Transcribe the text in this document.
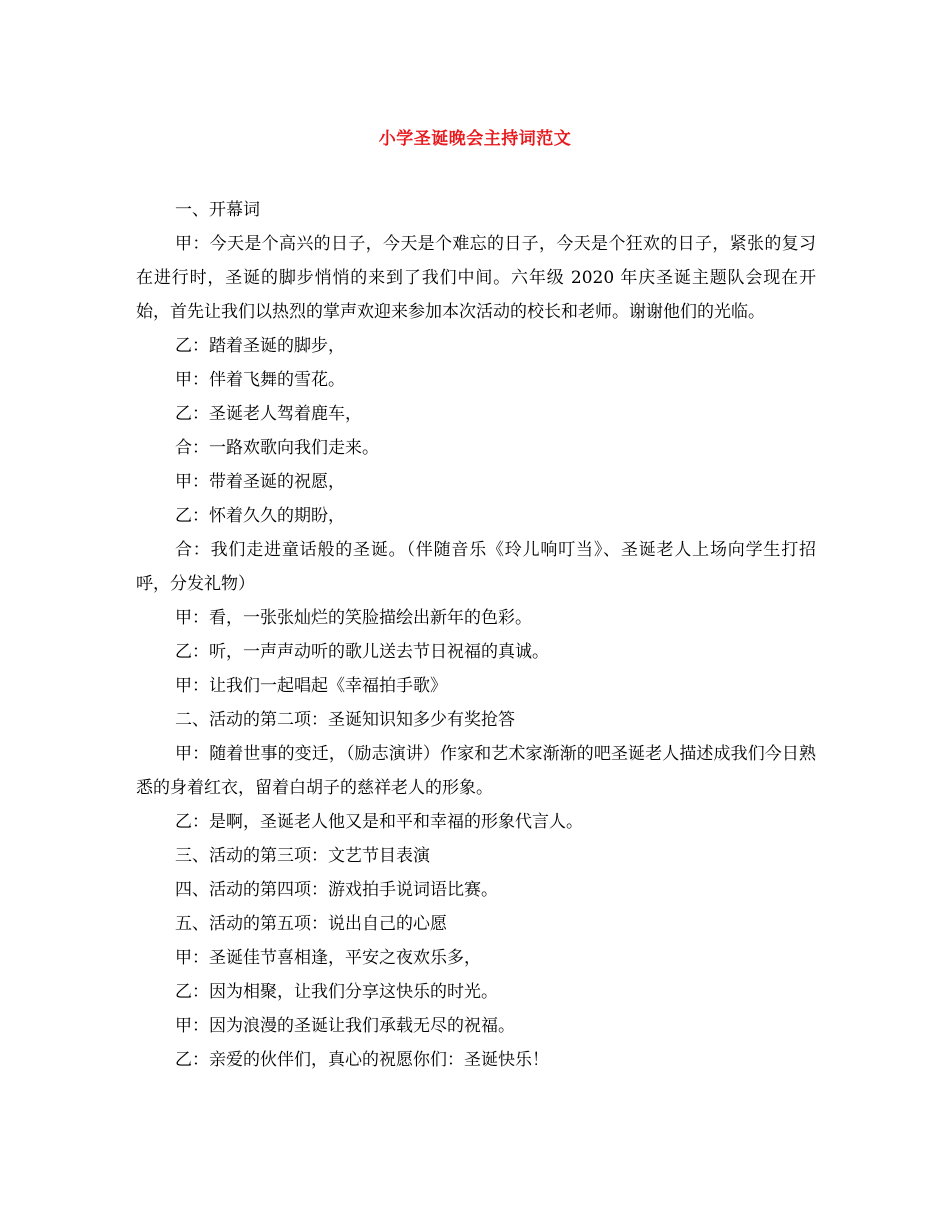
小学圣诞晚会主持词范文

一、开幕词

甲：今天是个高兴的日子，今天是个难忘的日子，今天是个狂欢的日子，紧张的复习在进行时，圣诞的脚步悄悄的来到了我们中间。六年级 2020 年庆圣诞主题队会现在开始，首先让我们以热烈的掌声欢迎来参加本次活动的校长和老师。谢谢他们的光临。

乙：踏着圣诞的脚步，

甲：伴着飞舞的雪花。

乙：圣诞老人驾着鹿车，

合：一路欢歌向我们走来。

甲：带着圣诞的祝愿，

乙：怀着久久的期盼，

合：我们走进童话般的圣诞。（伴随音乐《玲儿响叮当》、圣诞老人上场向学生打招呼，分发礼物）

甲：看，一张张灿烂的笑脸描绘出新年的色彩。

乙：听，一声声动听的歌儿送去节日祝福的真诚。

甲：让我们一起唱起《幸福拍手歌》

二、活动的第二项：圣诞知识知多少有奖抢答

甲：随着世事的变迁，（励志演讲）作家和艺术家渐渐的吧圣诞老人描述成我们今日熟悉的身着红衣，留着白胡子的慈祥老人的形象。

乙：是啊，圣诞老人他又是和平和幸福的形象代言人。

三、活动的第三项：文艺节目表演

四、活动的第四项：游戏拍手说词语比赛。

五、活动的第五项：说出自己的心愿

甲：圣诞佳节喜相逢，平安之夜欢乐多，

乙：因为相聚，让我们分享这快乐的时光。

甲：因为浪漫的圣诞让我们承载无尽的祝福。

乙：亲爱的伙伴们，真心的祝愿你们：圣诞快乐！
